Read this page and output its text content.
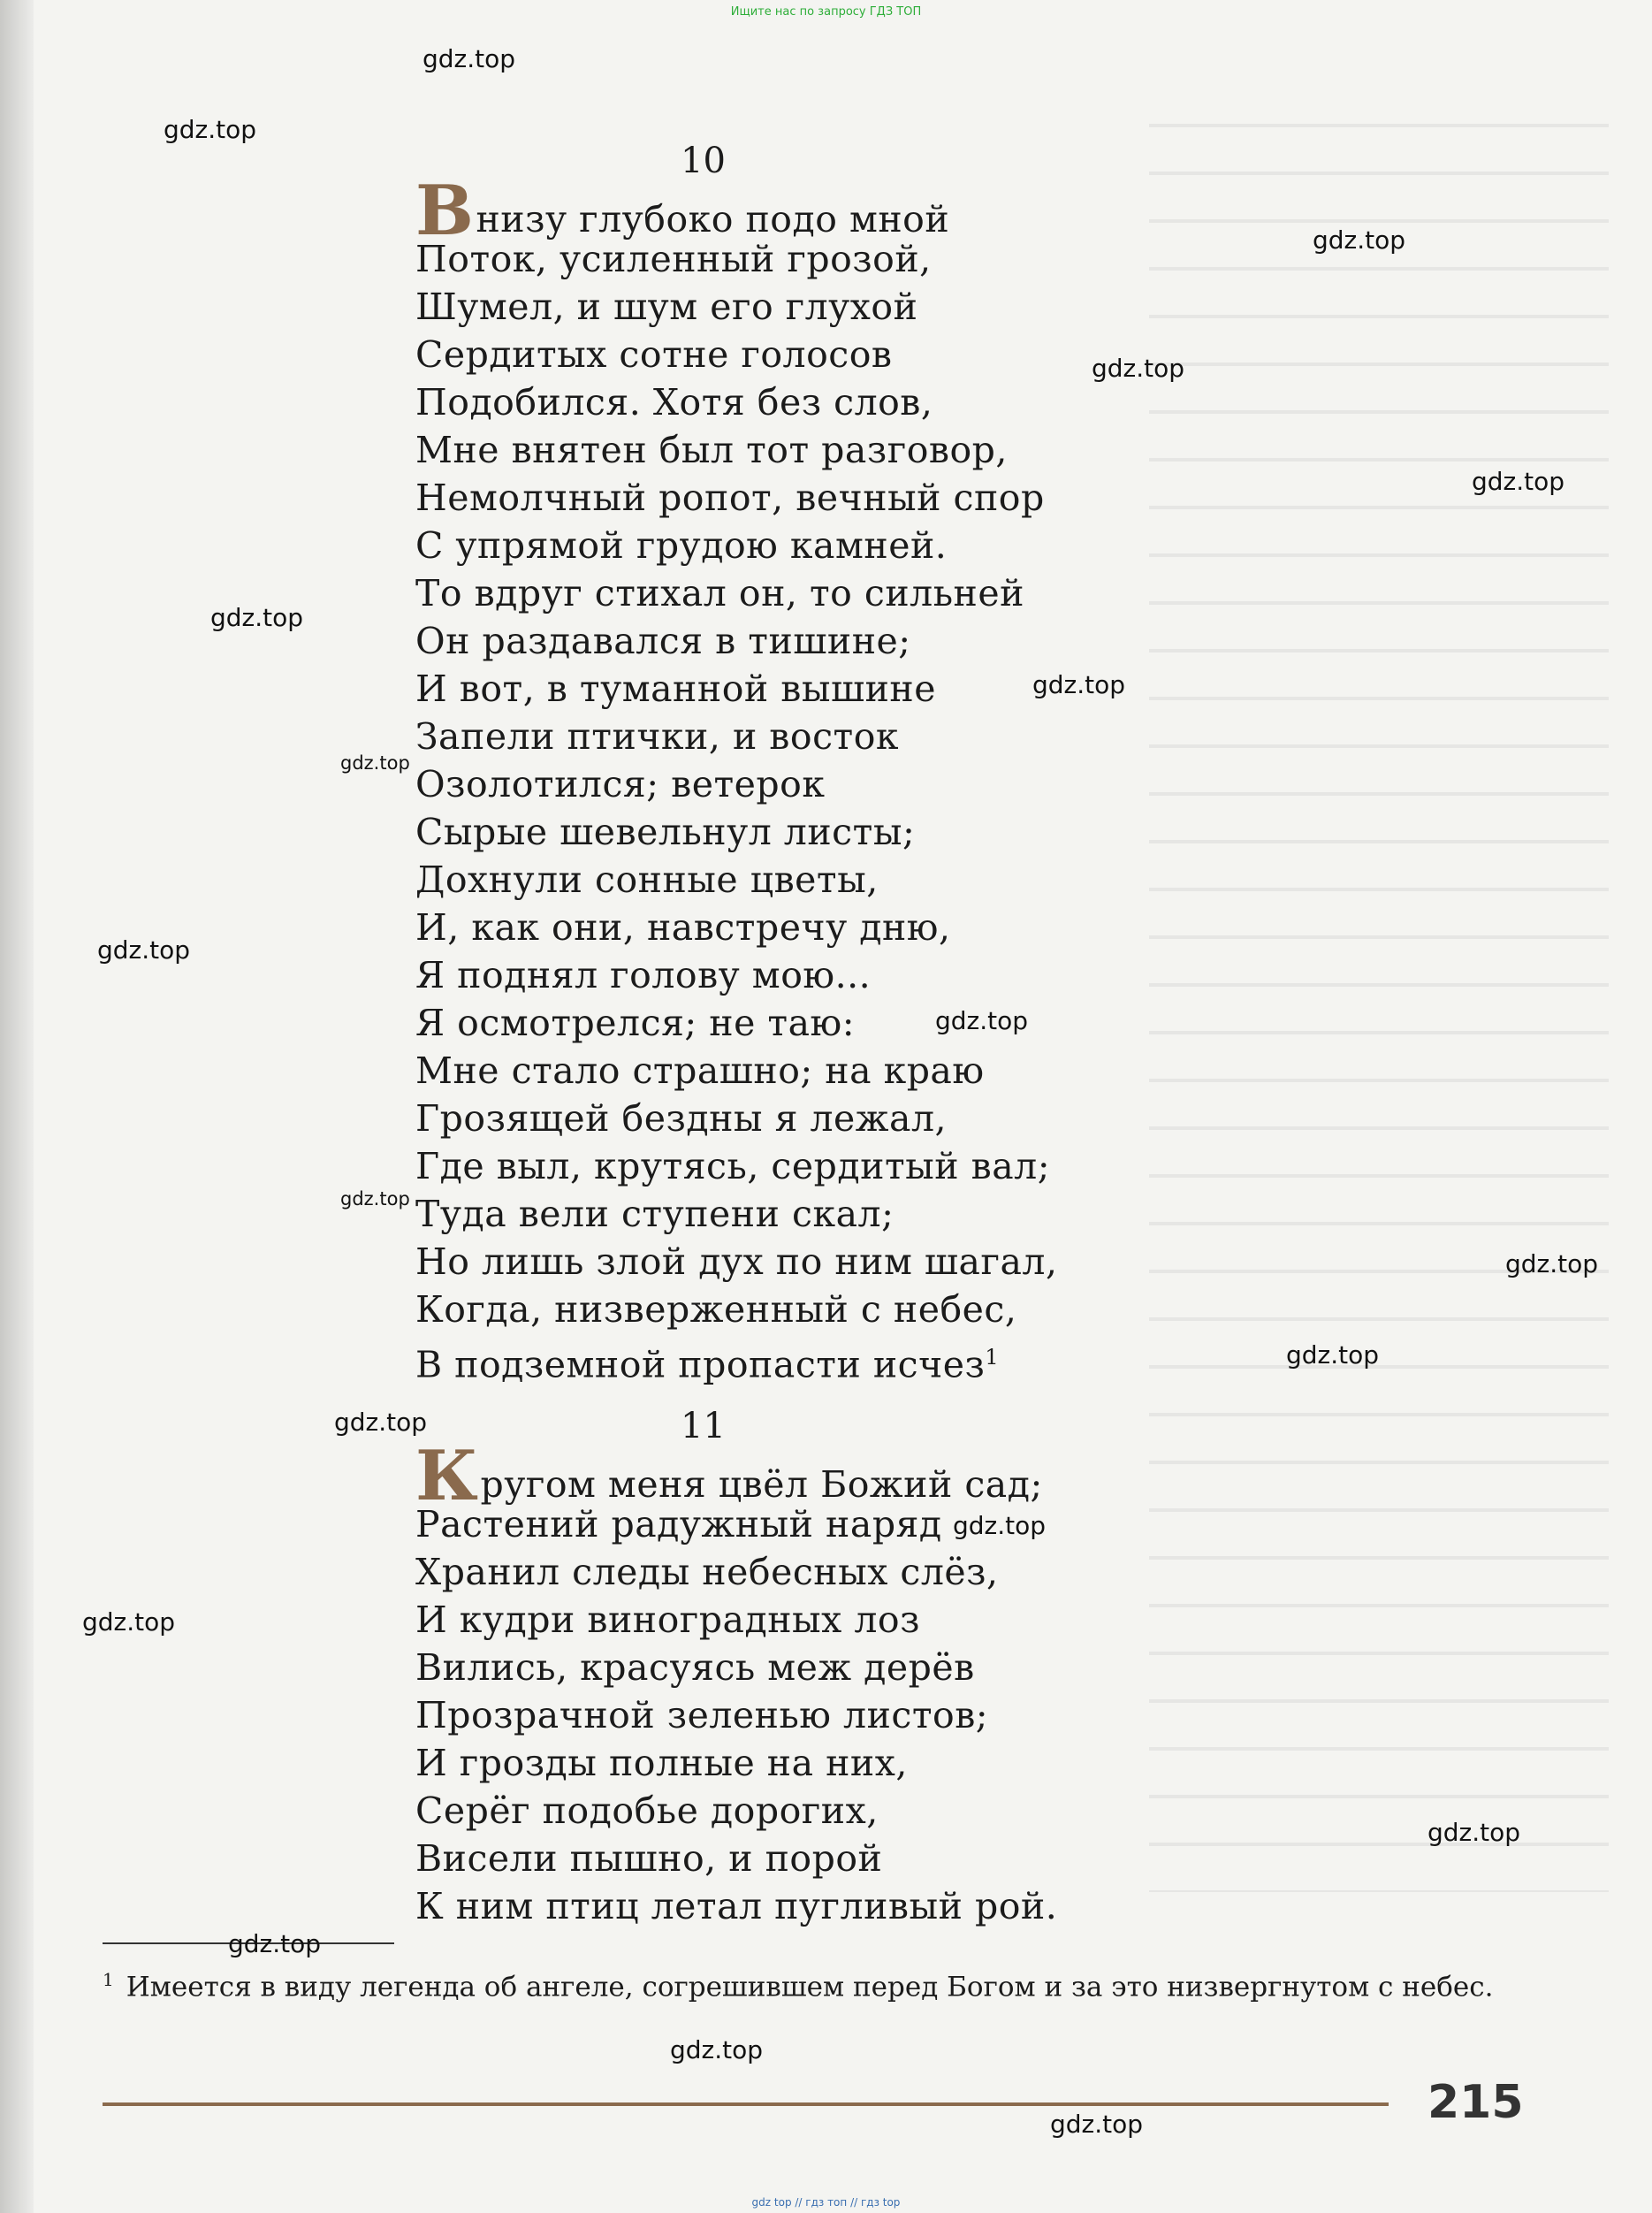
Ищите нас по запросу ГДЗ ТОП
10
Внизу глубоко подо мной
Поток, усиленный грозой,
Шумел, и шум его глухой
Сердитых сотне голосов
Подобился. Хотя без слов,
Мне внятен был тот разговор,
Немолчный ропот, вечный спор
С упрямой грудою камней.
То вдруг стихал он, то сильней
Он раздавался в тишине;
И вот, в туманной вышине
Запели птички, и восток
Озолотился; ветерок
Сырые шевельнул листы;
Дохнули сонные цветы,
И, как они, навстречу дню,
Я поднял голову мою...
Я осмотрелся; не таю:
Мне стало страшно; на краю
Грозящей бездны я лежал,
Где выл, крутясь, сердитый вал;
Туда вели ступени скал;
Но лишь злой дух по ним шагал,
Когда, низверженный с небес,
В подземной пропасти исчез$^1$
11
Кругом меня цвёл Божий сад;
Растений радужный наряд
Хранил следы небесных слёз,
И кудри виноградных лоз
Вились, красуясь меж дерёв
Прозрачной зеленью листов;
И грозды полные на них,
Серёг подобье дорогих,
Висели пышно, и порой
К ним птиц летал пугливый рой.
$^1$ Имеется в виду легенда об ангеле, согрешившем перед Богом и за это низвергнутом с небес.
215
gdz.top
gdz.top
gdz.top
gdz.top
gdz.top
gdz.top
gdz.top
gdz.top
gdz.top
gdz.top
gdz.top
gdz.top
gdz.top
gdz.top
gdz.top
gdz.top
gdz.top
gdz.top
gdz.top
gdz.top
gdz top // гдз топ // гдз top
